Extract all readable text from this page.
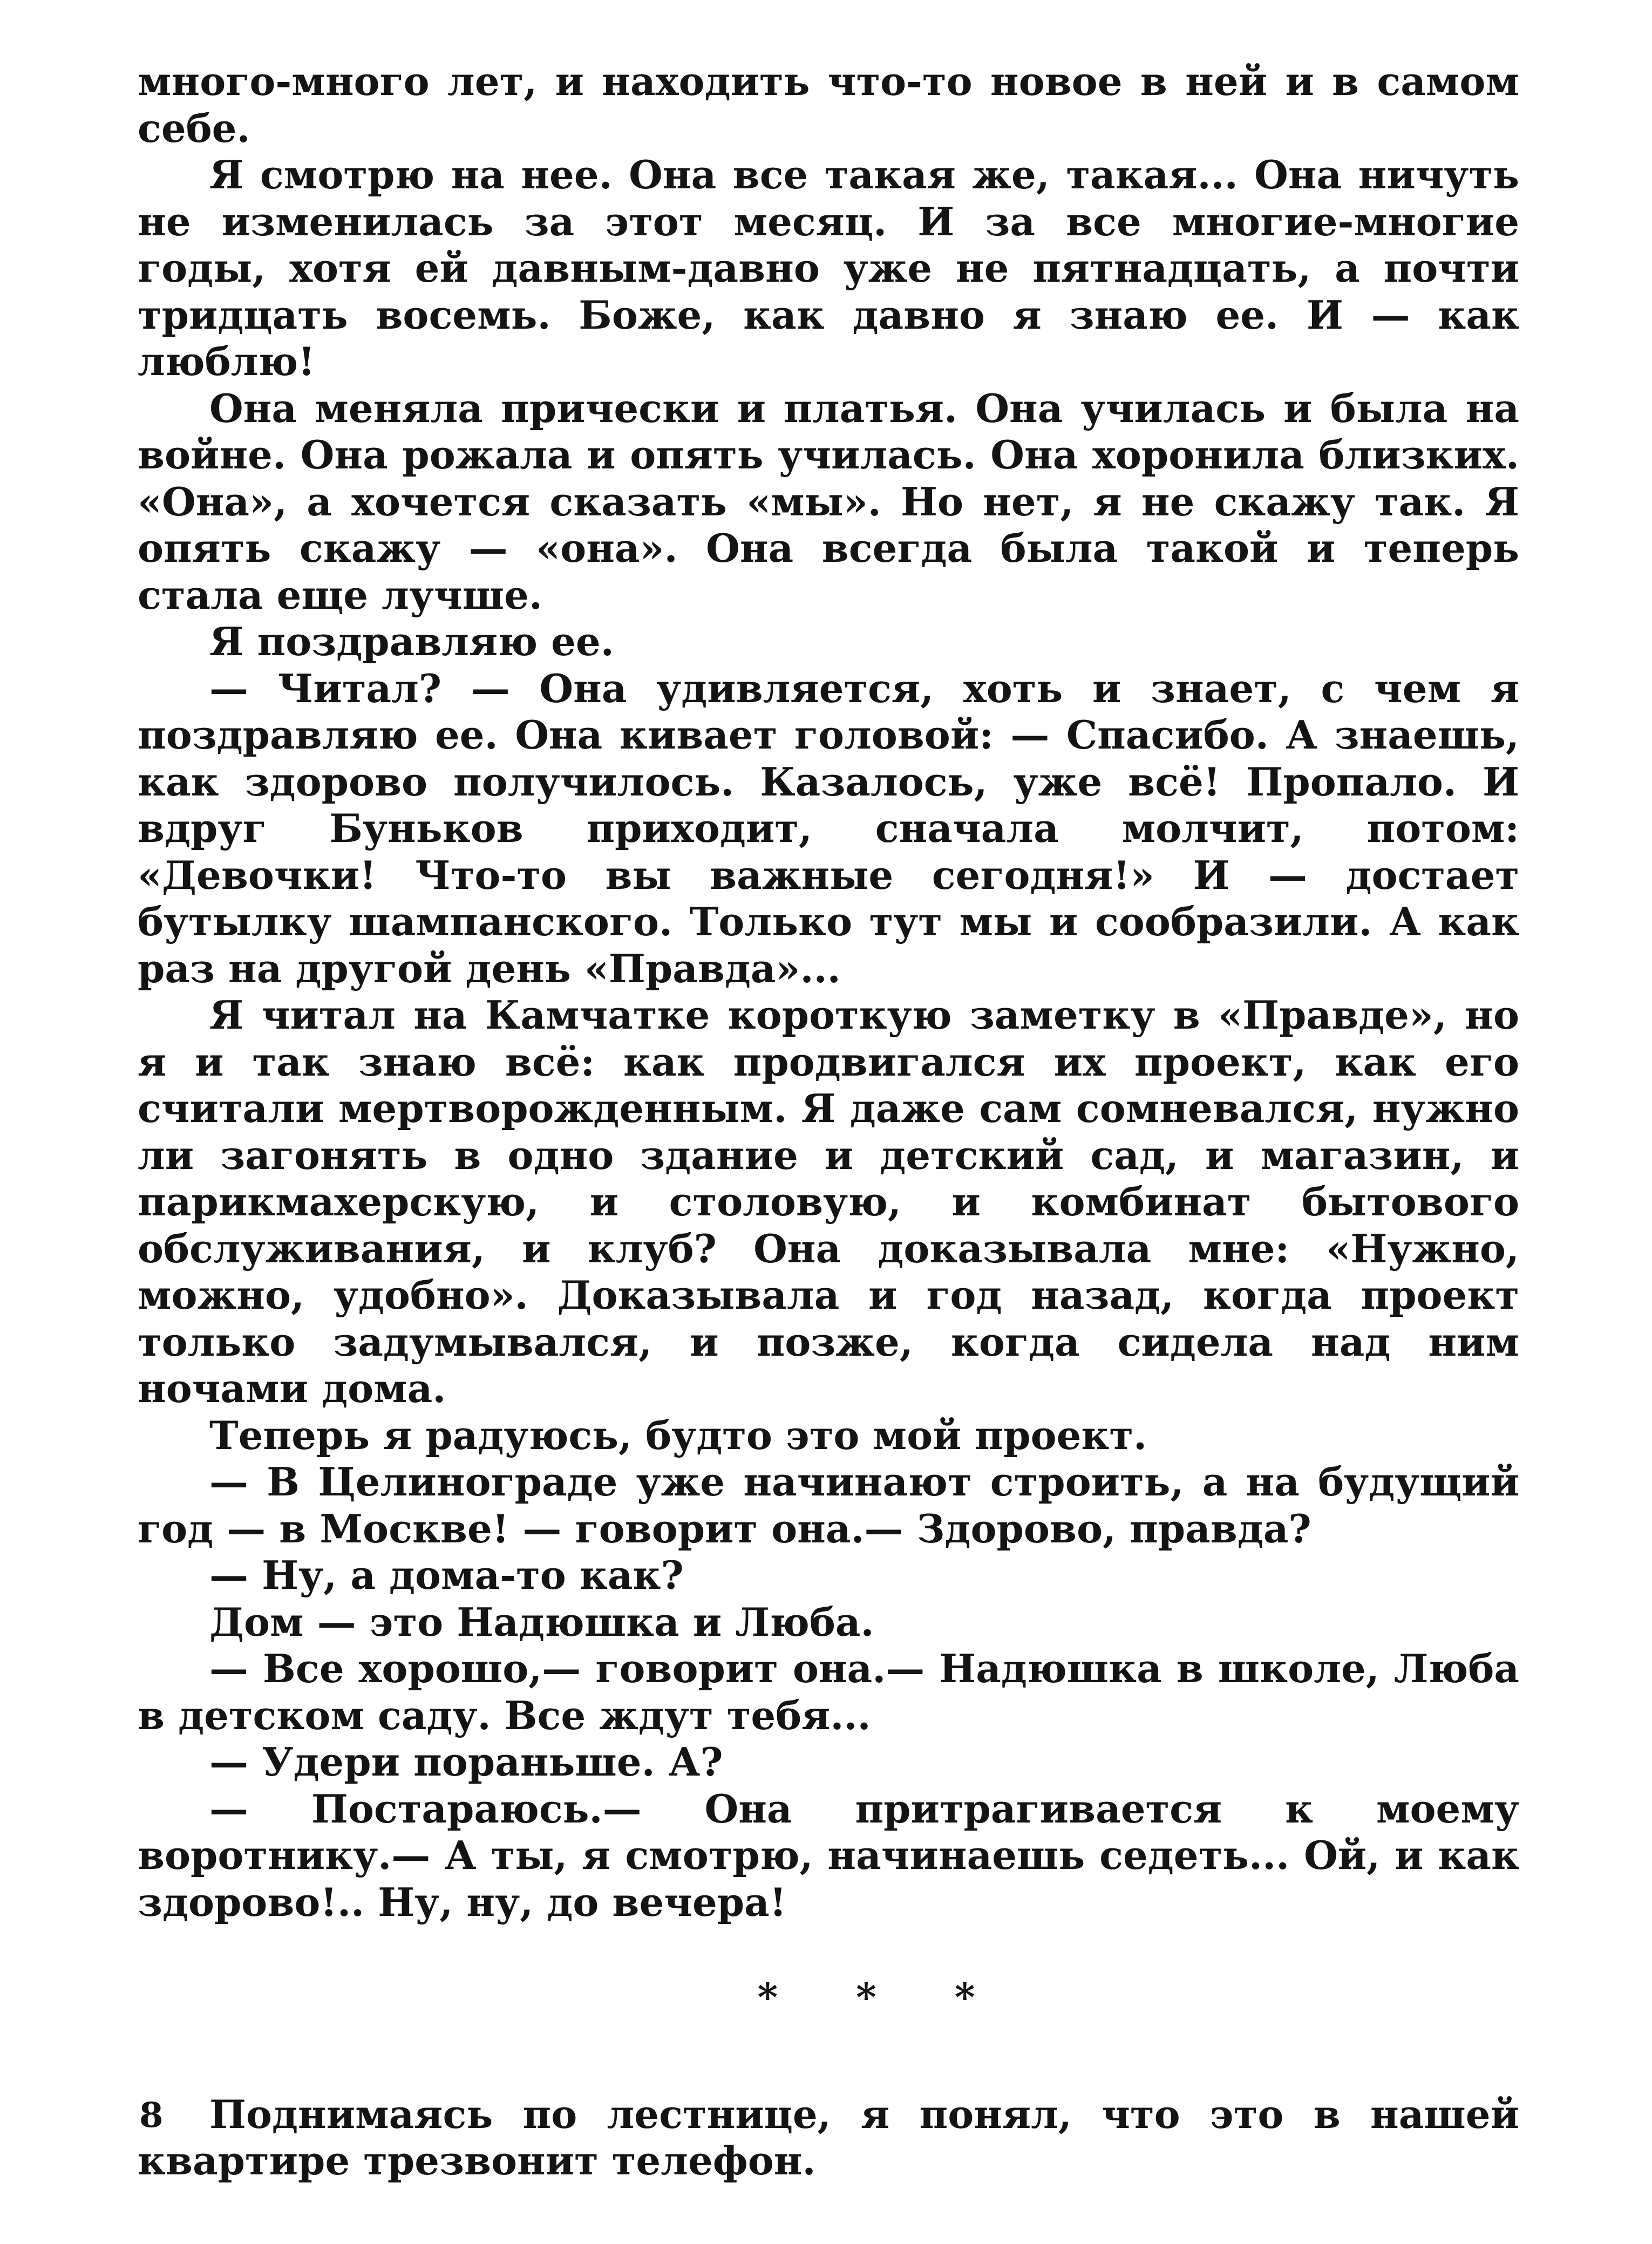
много-много лет, и находить что-то новое в ней и в самом себе.

Я смотрю на нее. Она все такая же, такая... Она ничуть не изменилась за этот месяц. И за все многие-многие годы, хотя ей давным-давно уже не пятнадцать, а почти тридцать восемь. Боже, как давно я знаю ее. И — как люблю!

Она меняла прически и платья. Она училась и была на войне. Она рожала и опять училась. Она хоронила близких. «Она», а хочется сказать «мы». Но нет, я не скажу так. Я опять скажу — «она». Она всегда была такой и теперь стала еще лучше.

Я поздравляю ее.

— Читал? — Она удивляется, хоть и знает, с чем я поздравляю ее. Она кивает головой: — Спасибо. А знаешь, как здорово получилось. Казалось, уже всё! Пропало. И вдруг Буньков приходит, сначала молчит, потом: «Девочки! Что-то вы важные сегодня!» И — достает бутылку шампанского. Только тут мы и сообразили. А как раз на другой день «Правда»...

Я читал на Камчатке короткую заметку в «Правде», но я и так знаю всё: как продвигался их проект, как его считали мертворожденным. Я даже сам сомневался, нужно ли загонять в одно здание и детский сад, и магазин, и парикмахерскую, и столовую, и комбинат бытового обслуживания, и клуб? Она доказывала мне: «Нужно, можно, удобно». Доказывала и год назад, когда проект только задумывался, и позже, когда сидела над ним ночами дома.

Теперь я радуюсь, будто это мой проект.

— В Целинограде уже начинают строить, а на будущий год — в Москве! — говорит она.— Здорово, правда?

— Ну, а дома-то как?

Дом — это Надюшка и Люба.

— Все хорошо,— говорит она.— Надюшка в школе, Люба в детском саду. Все ждут тебя...

— Удери пораньше. А?

— Постараюсь.— Она притрагивается к моему воротнику.— А ты, я смотрю, начинаешь седеть... Ой, и как здорово!.. Ну, ну, до вечера!

* * *

Поднимаясь по лестнице, я понял, что это в нашей квартире трезвонит телефон.

8
